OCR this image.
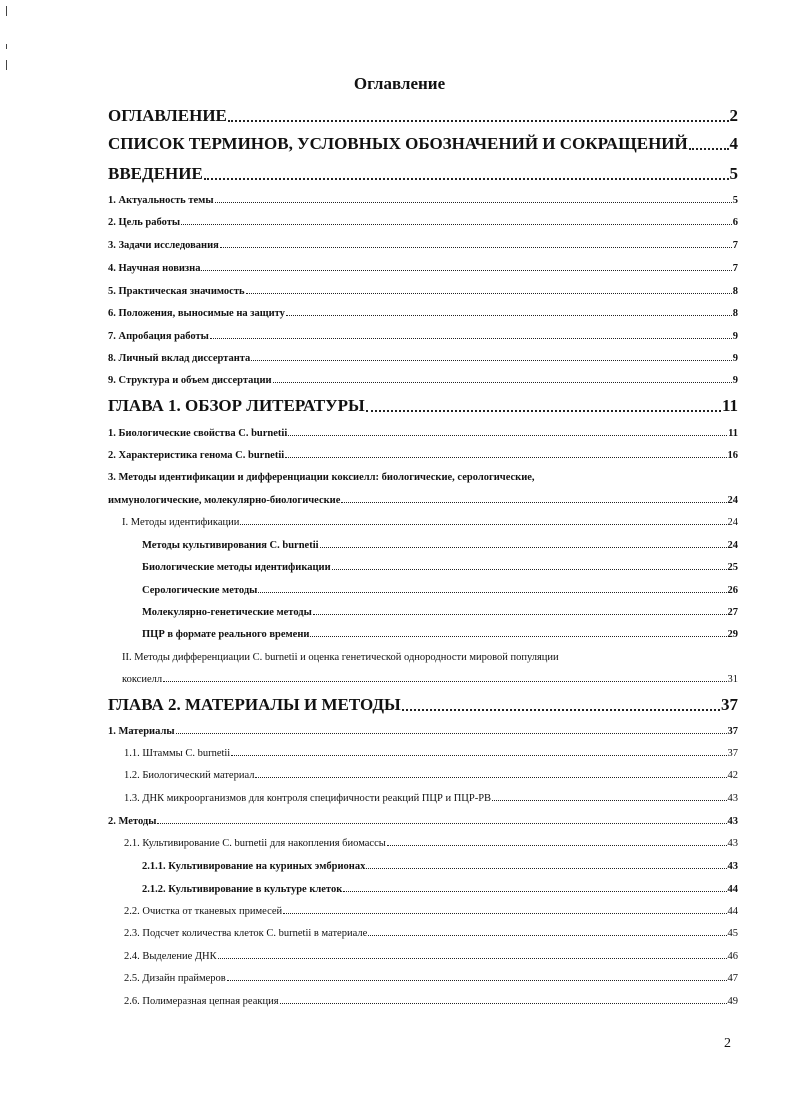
Оглавление
ОГЛАВЛЕНИЕ	2
СПИСОК ТЕРМИНОВ, УСЛОВНЫХ ОБОЗНАЧЕНИЙ И СОКРАЩЕНИЙ 4
ВВЕДЕНИЕ	5
1. Актуальность темы	5
2. Цель работы	6
3. Задачи исследования	7
4. Научная новизна	7
5. Практическая значимость	8
6. Положения, выносимые на защиту	8
7. Апробация работы	9
8. Личный вклад диссертанта	9
9. Структура и объем диссертации	9
ГЛАВА 1. ОБЗОР ЛИТЕРАТУРЫ	11
1. Биологические свойства C. burnetii	11
2. Характеристика генома C. burnetii	16
3. Методы идентификации и дифференциации коксиелл: биологические, серологические,
иммунологические, молекулярно-биологические	24
I. Методы идентификации	24
Методы культивирования C. burnetii	24
Биологические методы идентификации	25
Серологические методы	26
Молекулярно-генетические методы	27
ПЦР в формате реального времени	29
II. Методы дифференциации C. burnetii и оценка генетической однородности мировой популяции
коксиелл	31
ГЛАВА 2. МАТЕРИАЛЫ И МЕТОДЫ	37
1. Материалы	37
1.1. Штаммы C. burnetii	37
1.2. Биологический материал	42
1.3. ДНК микроорганизмов для контроля специфичности реакций ПЦР и ПЦР-РВ	43
2. Методы	43
2.1. Культивирование C. burnetii для накопления биомассы	43
2.1.1. Культивирование на куриных эмбрионах	43
2.1.2. Культивирование в культуре клеток	44
2.2. Очистка от тканевых примесей	44
2.3. Подсчет количества клеток C. burnetii в материале	45
2.4. Выделение ДНК	46
2.5. Дизайн праймеров	47
2.6. Полимеразная цепная реакция	49
2
